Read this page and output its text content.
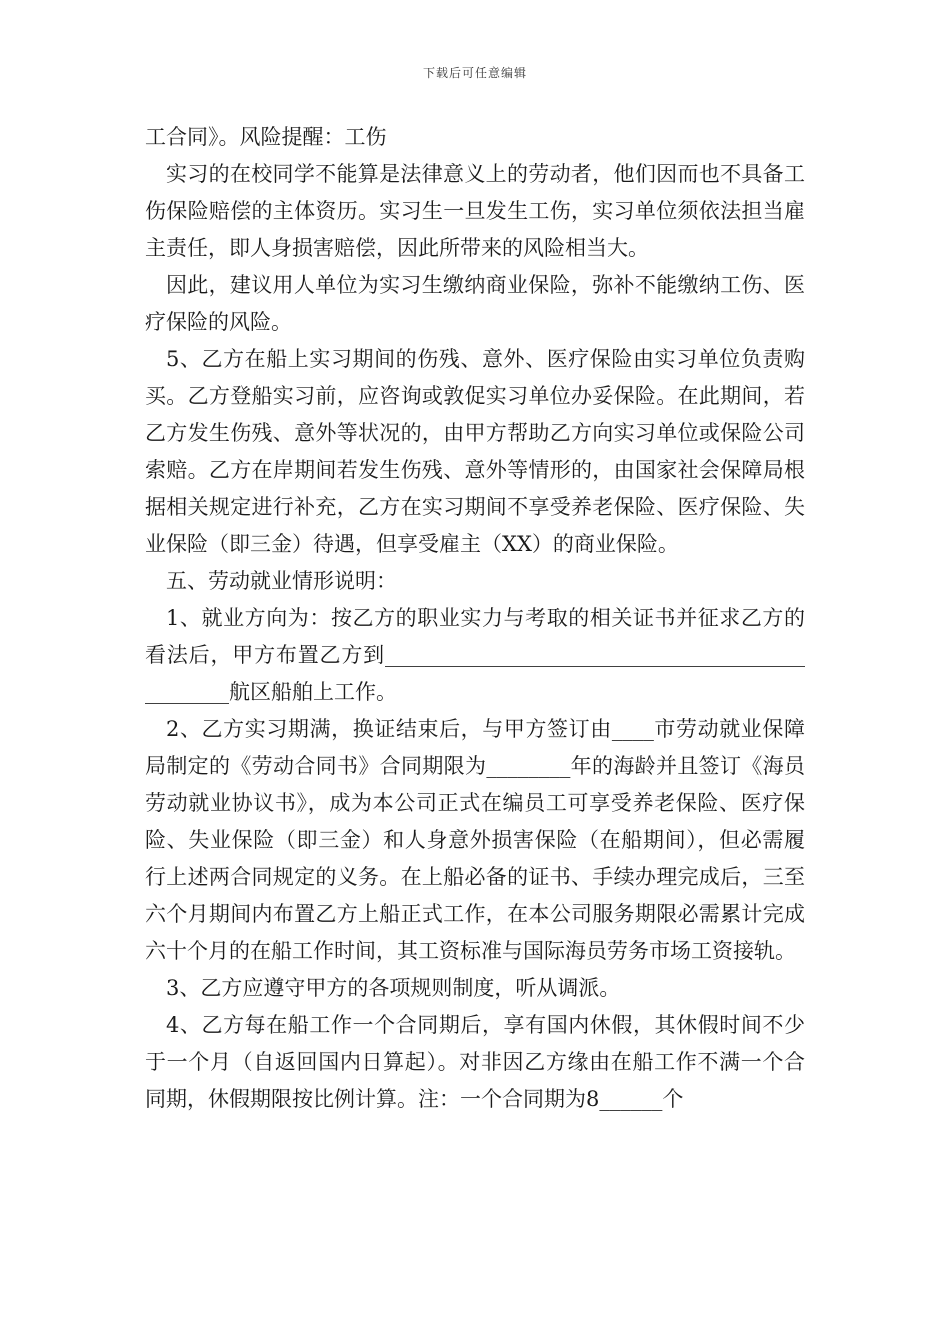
下载后可任意编辑

工合同》。风险提醒：工伤

实习的在校同学不能算是法律意义上的劳动者，他们因而也不具备工伤保险赔偿的主体资历。实习生一旦发生工伤，实习单位须依法担当雇主责任，即人身损害赔偿，因此所带来的风险相当大。

因此，建议用人单位为实习生缴纳商业保险，弥补不能缴纳工伤、医疗保险的风险。

5、乙方在船上实习期间的伤残、意外、医疗保险由实习单位负责购买。乙方登船实习前，应咨询或敦促实习单位办妥保险。在此期间，若乙方发生伤残、意外等状况的，由甲方帮助乙方向实习单位或保险公司索赔。乙方在岸期间若发生伤残、意外等情形的，由国家社会保障局根据相关规定进行补充，乙方在实习期间不享受养老保险、医疗保险、失业保险（即三金）待遇，但享受雇主（XX）的商业保险。

五、劳动就业情形说明：

1、就业方向为：按乙方的职业实力与考取的相关证书并征求乙方的看法后，甲方布置乙方到________________________________________________航区船舶上工作。

2、乙方实习期满，换证结束后，与甲方签订由____市劳动就业保障局制定的《劳动合同书》合同期限为________年的海龄并且签订《海员劳动就业协议书》，成为本公司正式在编员工可享受养老保险、医疗保险、失业保险（即三金）和人身意外损害保险（在船期间），但必需履行上述两合同规定的义务。在上船必备的证书、手续办理完成后，三至六个月期间内布置乙方上船正式工作，在本公司服务期限必需累计完成六十个月的在船工作时间，其工资标准与国际海员劳务市场工资接轨。

3、乙方应遵守甲方的各项规则制度，听从调派。

4、乙方每在船工作一个合同期后，享有国内休假，其休假时间不少于一个月（自返回国内日算起）。对非因乙方缘由在船工作不满一个合同期，休假期限按比例计算。注：一个合同期为8______个
